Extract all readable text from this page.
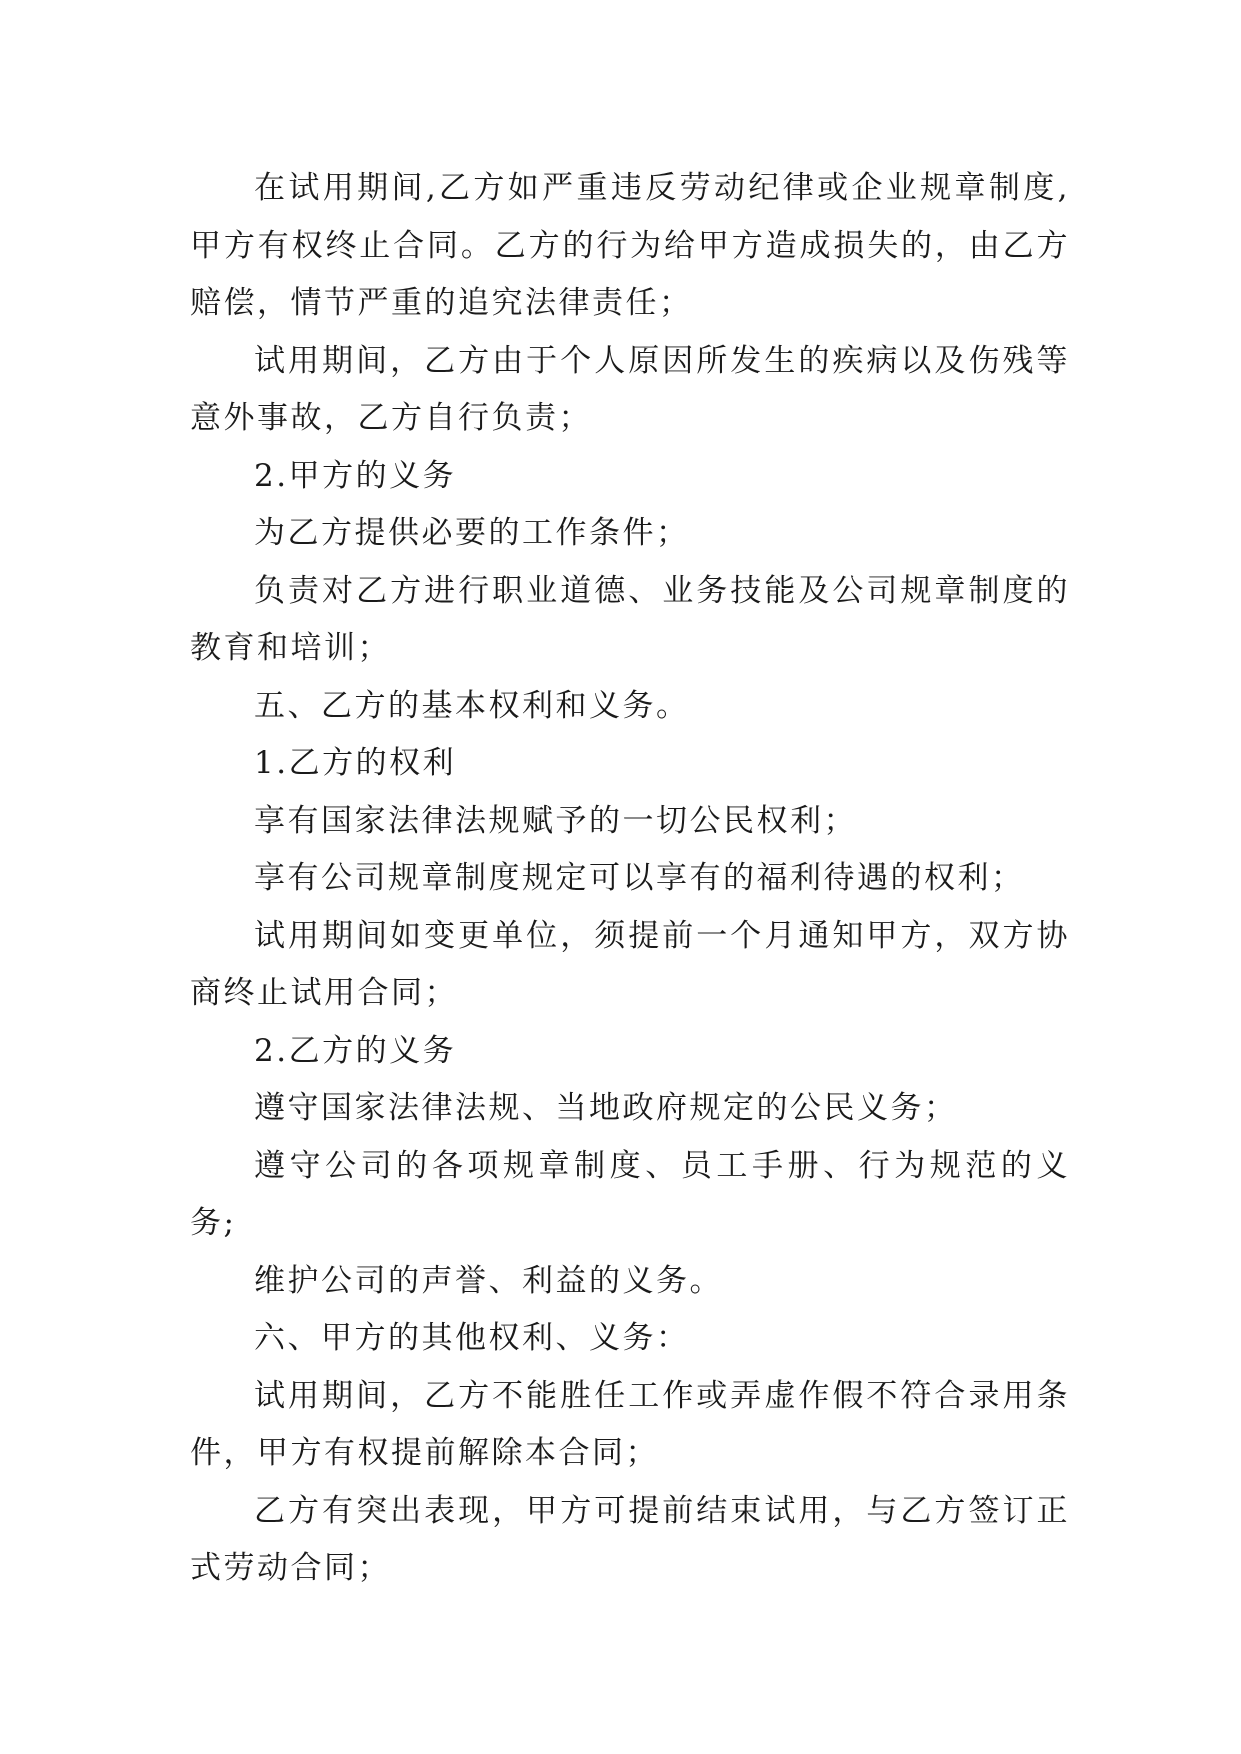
在试用期间,乙方如严重违反劳动纪律或企业规章制度,甲方有权终止合同。乙方的行为给甲方造成损失的，由乙方赔偿，情节严重的追究法律责任；

试用期间，乙方由于个人原因所发生的疾病以及伤残等意外事故，乙方自行负责；

2.甲方的义务

为乙方提供必要的工作条件；

负责对乙方进行职业道德、业务技能及公司规章制度的教育和培训；

五、乙方的基本权利和义务。

1.乙方的权利

享有国家法律法规赋予的一切公民权利；

享有公司规章制度规定可以享有的福利待遇的权利；

试用期间如变更单位，须提前一个月通知甲方，双方协商终止试用合同；

2.乙方的义务

遵守国家法律法规、当地政府规定的公民义务；

遵守公司的各项规章制度、员工手册、行为规范的义务;

维护公司的声誉、利益的义务。

六、甲方的其他权利、义务：

试用期间，乙方不能胜任工作或弄虚作假不符合录用条件，甲方有权提前解除本合同；

乙方有突出表现，甲方可提前结束试用，与乙方签订正式劳动合同；
